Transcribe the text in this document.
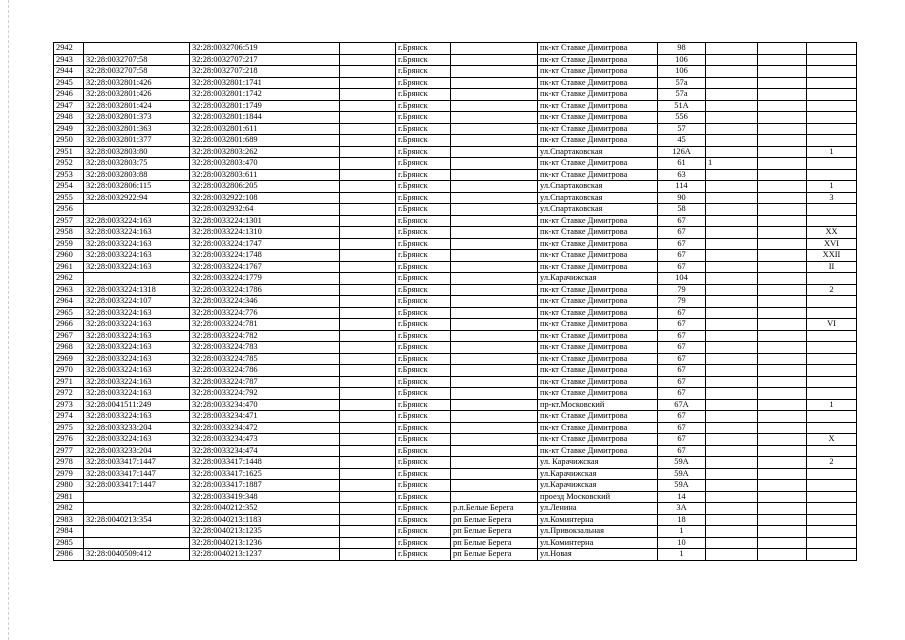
2942		32:28:0032706:519		г.Брянск		пк-кт Ставке Димитрова	98			
2943	32:28:0032707:58	32:28:0032707:217		г.Брянск		пк-кт Ставке Димитрова	106			
2944	32:28:0032707:58	32:28:0032707:218		г.Брянск		пк-кт Ставке Димитрова	106			
2945	32:28:0032801:426	32:28:0032801:1741		г.Брянск		пк-кт Ставке Димитрова	57а			
2946	32:28:0032801:426	32:28:0032801:1742		г.Брянск		пк-кт Ставке Димитрова	57а			
2947	32:28:0032801:424	32:28:0032801:1749		г.Брянск		пк-кт Ставке Димитрова	51А			
2948	32:28:0032801:373	32:28:0032801:1844		г.Брянск		пк-кт Ставке Димитрова	556			
2949	32:28:0032801:363	32:28:0032801:611		г.Брянск		пк-кт Ставке Димитрова	57			
2950	32:28:0032801:377	32:28:0032801:689		г.Брянск		пк-кт Ставке Димитрова	45			
2951	32:28:0032803:80	32:28:0032803:262		г.Брянск		ул.Спартаковская	126А			1
2952	32:28:0032803:75	32:28:0032803:470		г.Брянск		пк-кт Ставке Димитрова	61	1		
2953	32:28:0032803:88	32:28:0032803:611		г.Брянск		пк-кт Ставке Димитрова	63			
2954	32:28:0032806:115	32:28:0032806:205		г.Брянск		ул.Спартаковская	114			1
2955	32:28:0032922:94	32:28:0032922:108		г.Брянск		ул.Спартаковская	90			3
2956		32:28:0032932:64		г.Брянск		ул.Спартаковская	58			
2957	32:28:0033224:163	32:28:0033224:1301		г.Брянск		пк-кт Ставке Димитрова	67			
2958	32:28:0033224:163	32:28:0033224:1310		г.Брянск		пк-кт Ставке Димитрова	67			XX
2959	32:28:0033224:163	32:28:0033224:1747		г.Брянск		пк-кт Ставке Димитрова	67			XVI
2960	32:28:0033224:163	32:28:0033224:1748		г.Брянск		пк-кт Ставке Димитрова	67			XXII
2961	32:28:0033224:163	32:28:0033224:1767		г.Брянск		пк-кт Ставке Димитрова	67			II
2962		32:28:0033224:1779		г.Брянск		ул.Карачижская	104			
2963	32:28:0033224:1318	32:28:0033224:1786		г.Брянск		пк-кт Ставке Димитрова	79			2
2964	32:28:0033224:107	32:28:0033224:346		г.Брянск		пк-кт Ставке Димитрова	79			
2965	32:28:0033224:163	32:28:0033224:776		г.Брянск		пк-кт Ставке Димитрова	67			
2966	32:28:0033224:163	32:28:0033224:781		г.Брянск		пк-кт Ставке Димитрова	67			VI
2967	32:28:0033224:163	32:28:0033224:782		г.Брянск		пк-кт Ставке Димитрова	67			
2968	32:28:0033224:163	32:28:0033224:783		г.Брянск		пк-кт Ставке Димитрова	67			
2969	32:28:0033224:163	32:28:0033224:785		г.Брянск		пк-кт Ставке Димитрова	67			
2970	32:28:0033224:163	32:28:0033224:786		г.Брянск		пк-кт Ставке Димитрова	67			
2971	32:28:0033224:163	32:28:0033224:787		г.Брянск		пк-кт Ставке Димитрова	67			
2972	32:28:0033224:163	32:28:0033224:792		г.Брянск		пк-кт Ставке Димитрова	67			
2973	32:28:0041511:249	32:28:0033234:470		г.Брянск		пр-кт.Московский	67А			1
2974	32:28:0033224:163	32:28:0033234:471		г.Брянск		пк-кт Ставке Димитрова	67			
2975	32:28:0033233:204	32:28:0033234:472		г.Брянск		пк-кт Ставке Димитрова	67			
2976	32:28:0033224:163	32:28:0033234:473		г.Брянск		пк-кт Ставке Димитрова	67			X
2977	32:28:0033233:204	32:28:0033234:474		г.Брянск		пк-кт Ставке Димитрова	67			
2978	32:28:0033417:1447	32:28:0033417:1448		г.Брянск		ул. Карачижская	59А			2
2979	32:28:0033417:1447	32:28:0033417:1625		г.Брянск		ул.Карачижская	59А			
2980	32:28:0033417:1447	32:28:0033417:1887		г.Брянск		ул.Карачижская	59А			
2981		32:28:0033419:348		г.Брянск		проезд Московский	14			
2982		32:28:0040212:352		г.Брянск	р.п.Белые Берега	ул.Ленина	3А			
2983	32:28:0040213:354	32:28:0040213:1183		г.Брянск	рп Белые Берега	ул.Коминтерна	18			
2984		32:28:0040213:1235		г.Брянск	рп Белые Берега	ул.Привокзальная	1			
2985		32:28:0040213:1236		г.Брянск	рп Белые Берега	ул.Коминтерна	10			
2986	32:28:0040509:412	32:28:0040213:1237		г.Брянск	рп Белые Берега	ул.Новая	1			
